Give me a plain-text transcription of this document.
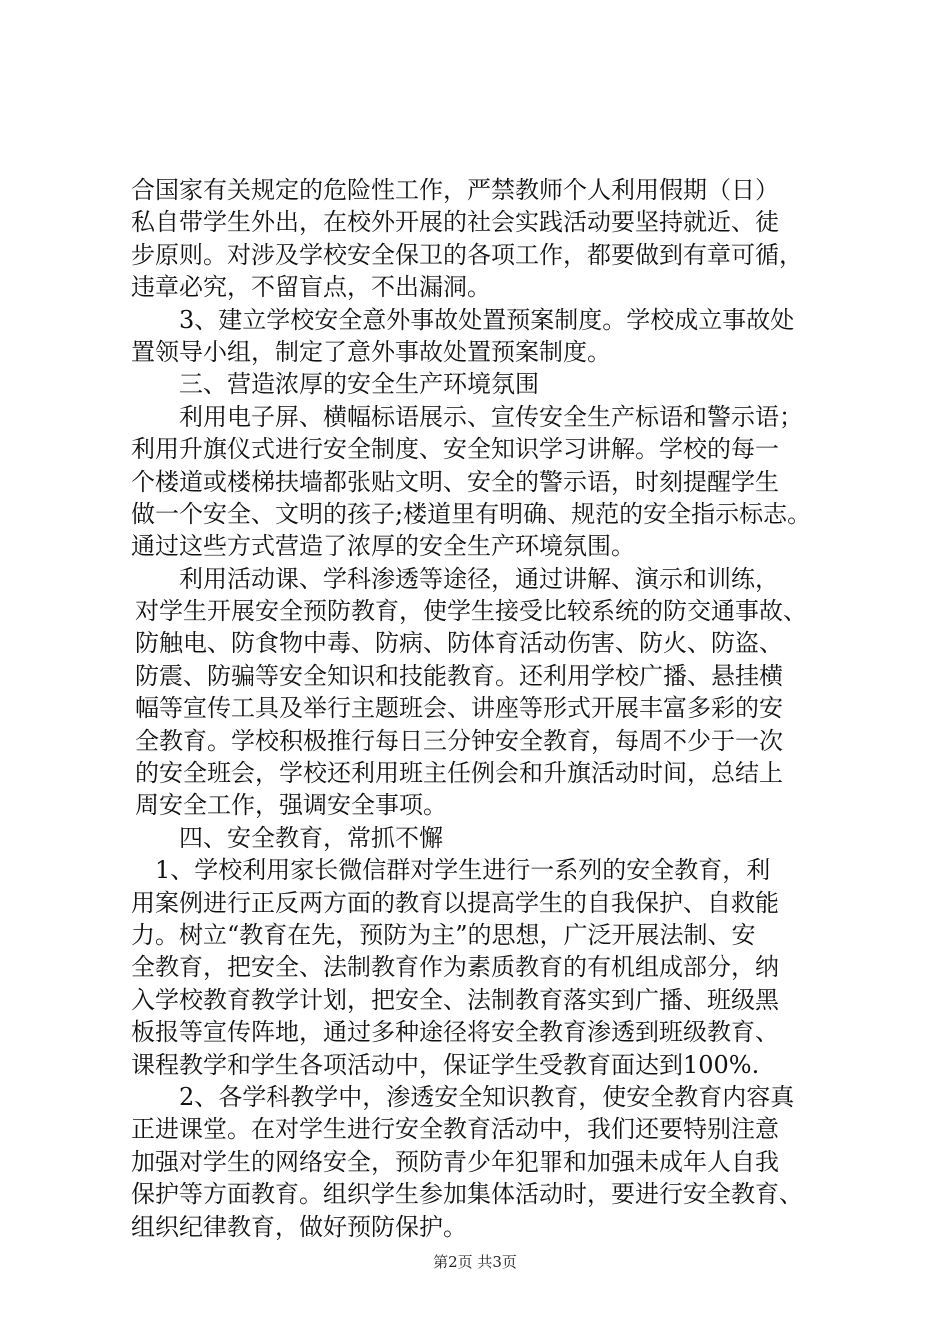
合国家有关规定的危险性工作，严禁教师个人利用假期（日）
私自带学生外出，在校外开展的社会实践活动要坚持就近、徒
步原则。对涉及学校安全保卫的各项工作，都要做到有章可循，
违章必究，不留盲点，不出漏洞。
3、建立学校安全意外事故处置预案制度。学校成立事故处
置领导小组，制定了意外事故处置预案制度。
三、营造浓厚的安全生产环境氛围
利用电子屏、横幅标语展示、宣传安全生产标语和警示语；
利用升旗仪式进行安全制度、安全知识学习讲解。学校的每一
个楼道或楼梯扶墙都张贴文明、安全的警示语，时刻提醒学生
做一个安全、文明的孩子;楼道里有明确、规范的安全指示标志。
通过这些方式营造了浓厚的安全生产环境氛围。
利用活动课、学科渗透等途径，通过讲解、演示和训练，
对学生开展安全预防教育，使学生接受比较系统的防交通事故、
防触电、防食物中毒、防病、防体育活动伤害、防火、防盗、
防震、防骗等安全知识和技能教育。还利用学校广播、悬挂横
幅等宣传工具及举行主题班会、讲座等形式开展丰富多彩的安
全教育。学校积极推行每日三分钟安全教育，每周不少于一次
的安全班会，学校还利用班主任例会和升旗活动时间，总结上
周安全工作，强调安全事项。
四、安全教育，常抓不懈
1、学校利用家长微信群对学生进行一系列的安全教育，利
用案例进行正反两方面的教育以提高学生的自我保护、自救能
力。树立“教育在先，预防为主”的思想，广泛开展法制、安
全教育，把安全、法制教育作为素质教育的有机组成部分，纳
入学校教育教学计划，把安全、法制教育落实到广播、班级黑
板报等宣传阵地，通过多种途径将安全教育渗透到班级教育、
课程教学和学生各项活动中，保证学生受教育面达到100%.
2、各学科教学中，渗透安全知识教育，使安全教育内容真
正进课堂。在对学生进行安全教育活动中，我们还要特别注意
加强对学生的网络安全，预防青少年犯罪和加强未成年人自我
保护等方面教育。组织学生参加集体活动时，要进行安全教育、
组织纪律教育，做好预防保护。
第2页 共3页
